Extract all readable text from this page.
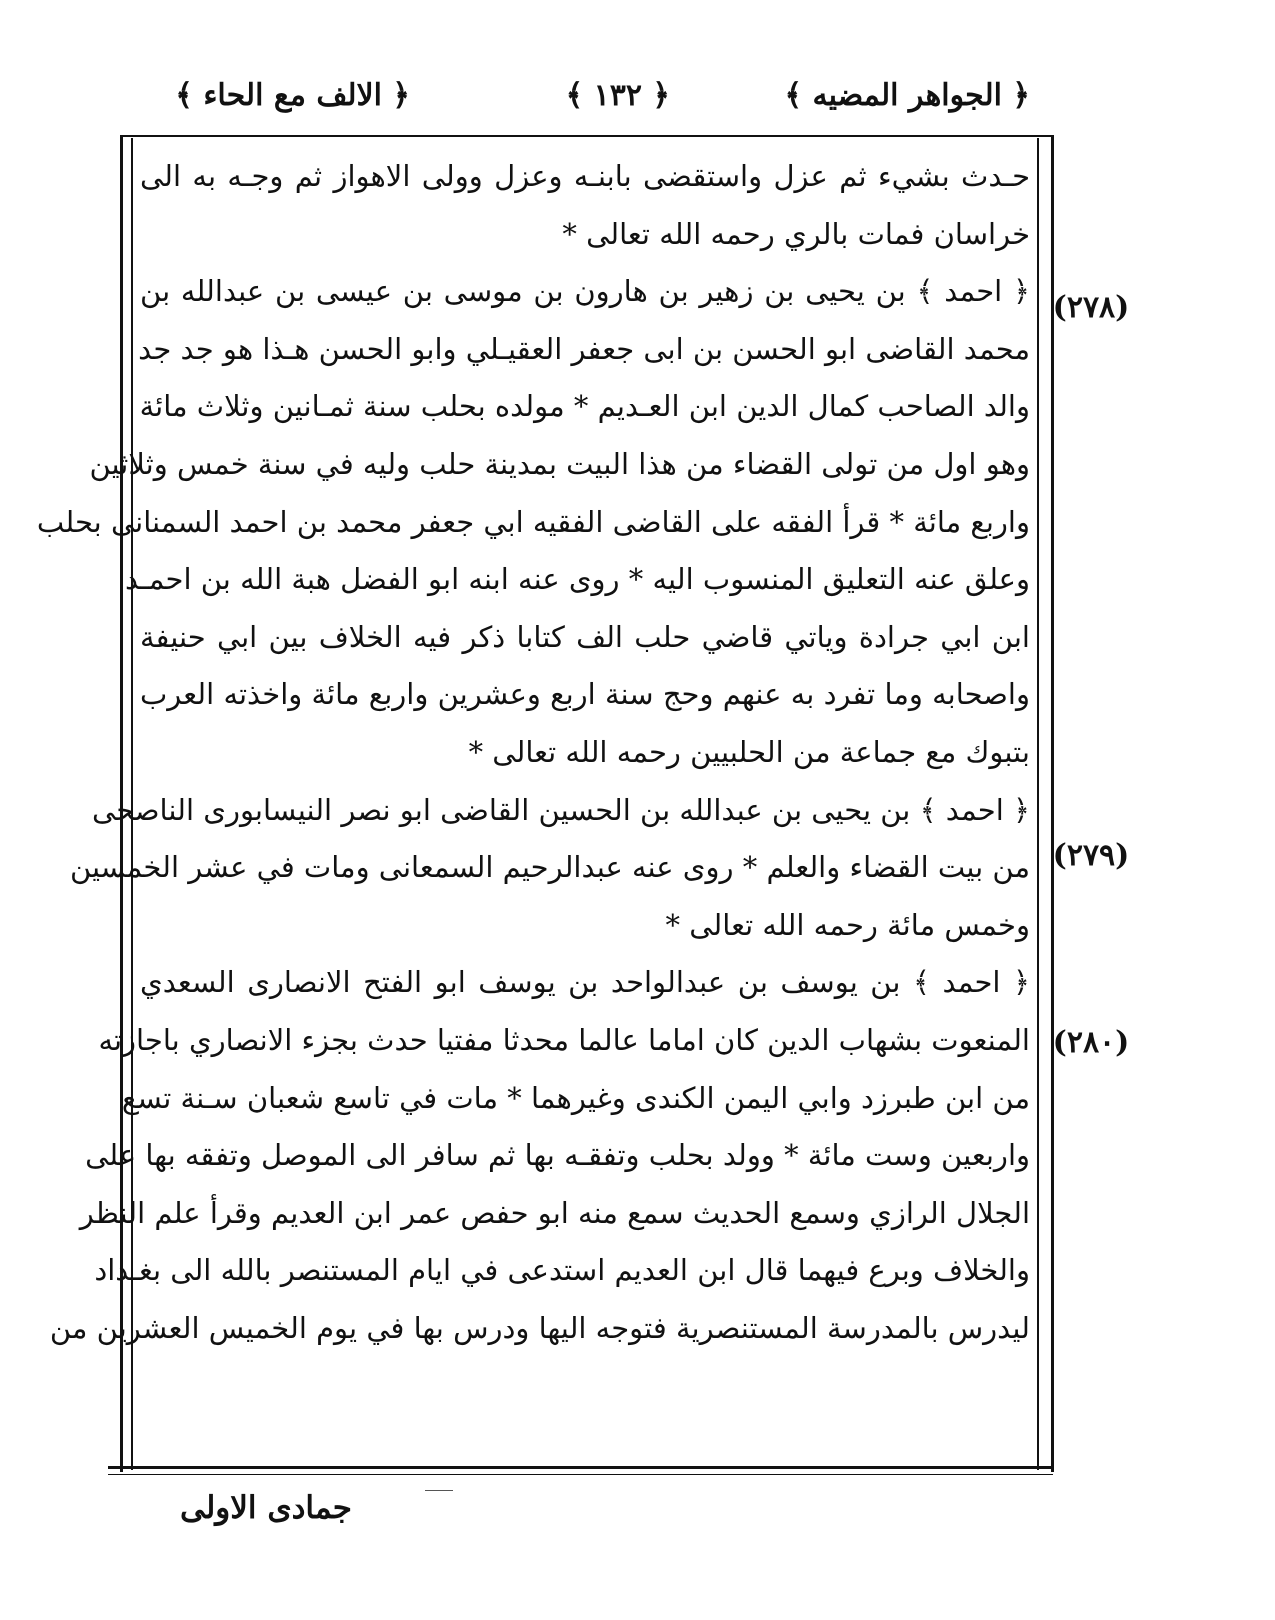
﴿ الجواهر المضيه ﴾
﴿ ١٣٢ ﴾
﴿ الالف مع الحاء ﴾
(٢٧٨)
(٢٧٩)
(٢٨٠)
حـدث بشيء ثم عزل واستقضى بابنـه وعزل وولى الاهواز ثم وجـه به الى
خراسان فمات بالري رحمه الله تعالى *
﴿ احمد ﴾ بن يحيى بن زهير بن هارون بن موسى بن عيسى بن عبدالله بن
محمد القاضى ابو الحسن بن ابى جعفر العقيـلي وابو الحسن هـذا هو جد جد
والد الصاحب كمال الدين ابن العـديم * مولده بحلب سنة ثمـانين وثلاث مائة
وهو اول من تولى القضاء من هذا البيت بمدينة حلب وليه في سنة خمس وثلاثين
واربع مائة * قرأ الفقه على القاضى الفقيه ابي جعفر محمد بن احمد السمنانى بحلب
وعلق عنه التعليق المنسوب اليه * روى عنه ابنه ابو الفضل هبة الله بن احمـد
ابن ابي جرادة وياتي قاضي حلب الف كتابا ذكر فيه الخلاف بين ابي حنيفة
واصحابه وما تفرد به عنهم وحج سنة اربع وعشرين واربع مائة واخذته العرب
بتبوك مع جماعة من الحلبيين رحمه الله تعالى *
﴿ احمد ﴾ بن يحيى بن عبدالله بن الحسين القاضى ابو نصر النيسابورى الناصحى
من بيت القضاء والعلم * روى عنه عبدالرحيم السمعانى ومات في عشر الخمسين
وخمس مائة رحمه الله تعالى *
﴿ احمد ﴾ بن يوسف بن عبدالواحد بن يوسف ابو الفتح الانصارى السعدي
المنعوت بشهاب الدين كان اماما عالما محدثا مفتيا حدث بجزء الانصاري باجازته
من ابن طبرزد وابي اليمن الكندى وغيرهما * مات في تاسع شعبان سـنة تسع
واربعين وست مائة * وولد بحلب وتفقـه بها ثم سافر الى الموصل وتفقه بها على
الجلال الرازي وسمع الحديث سمع منه ابو حفص عمر ابن العديم وقرأ علم النظر
والخلاف وبرع فيهما قال ابن العديم استدعى في ايام المستنصر بالله الى بغـداد
ليدرس بالمدرسة المستنصرية فتوجه اليها ودرس بها في يوم الخميس العشرين من
جمادى الاولى
